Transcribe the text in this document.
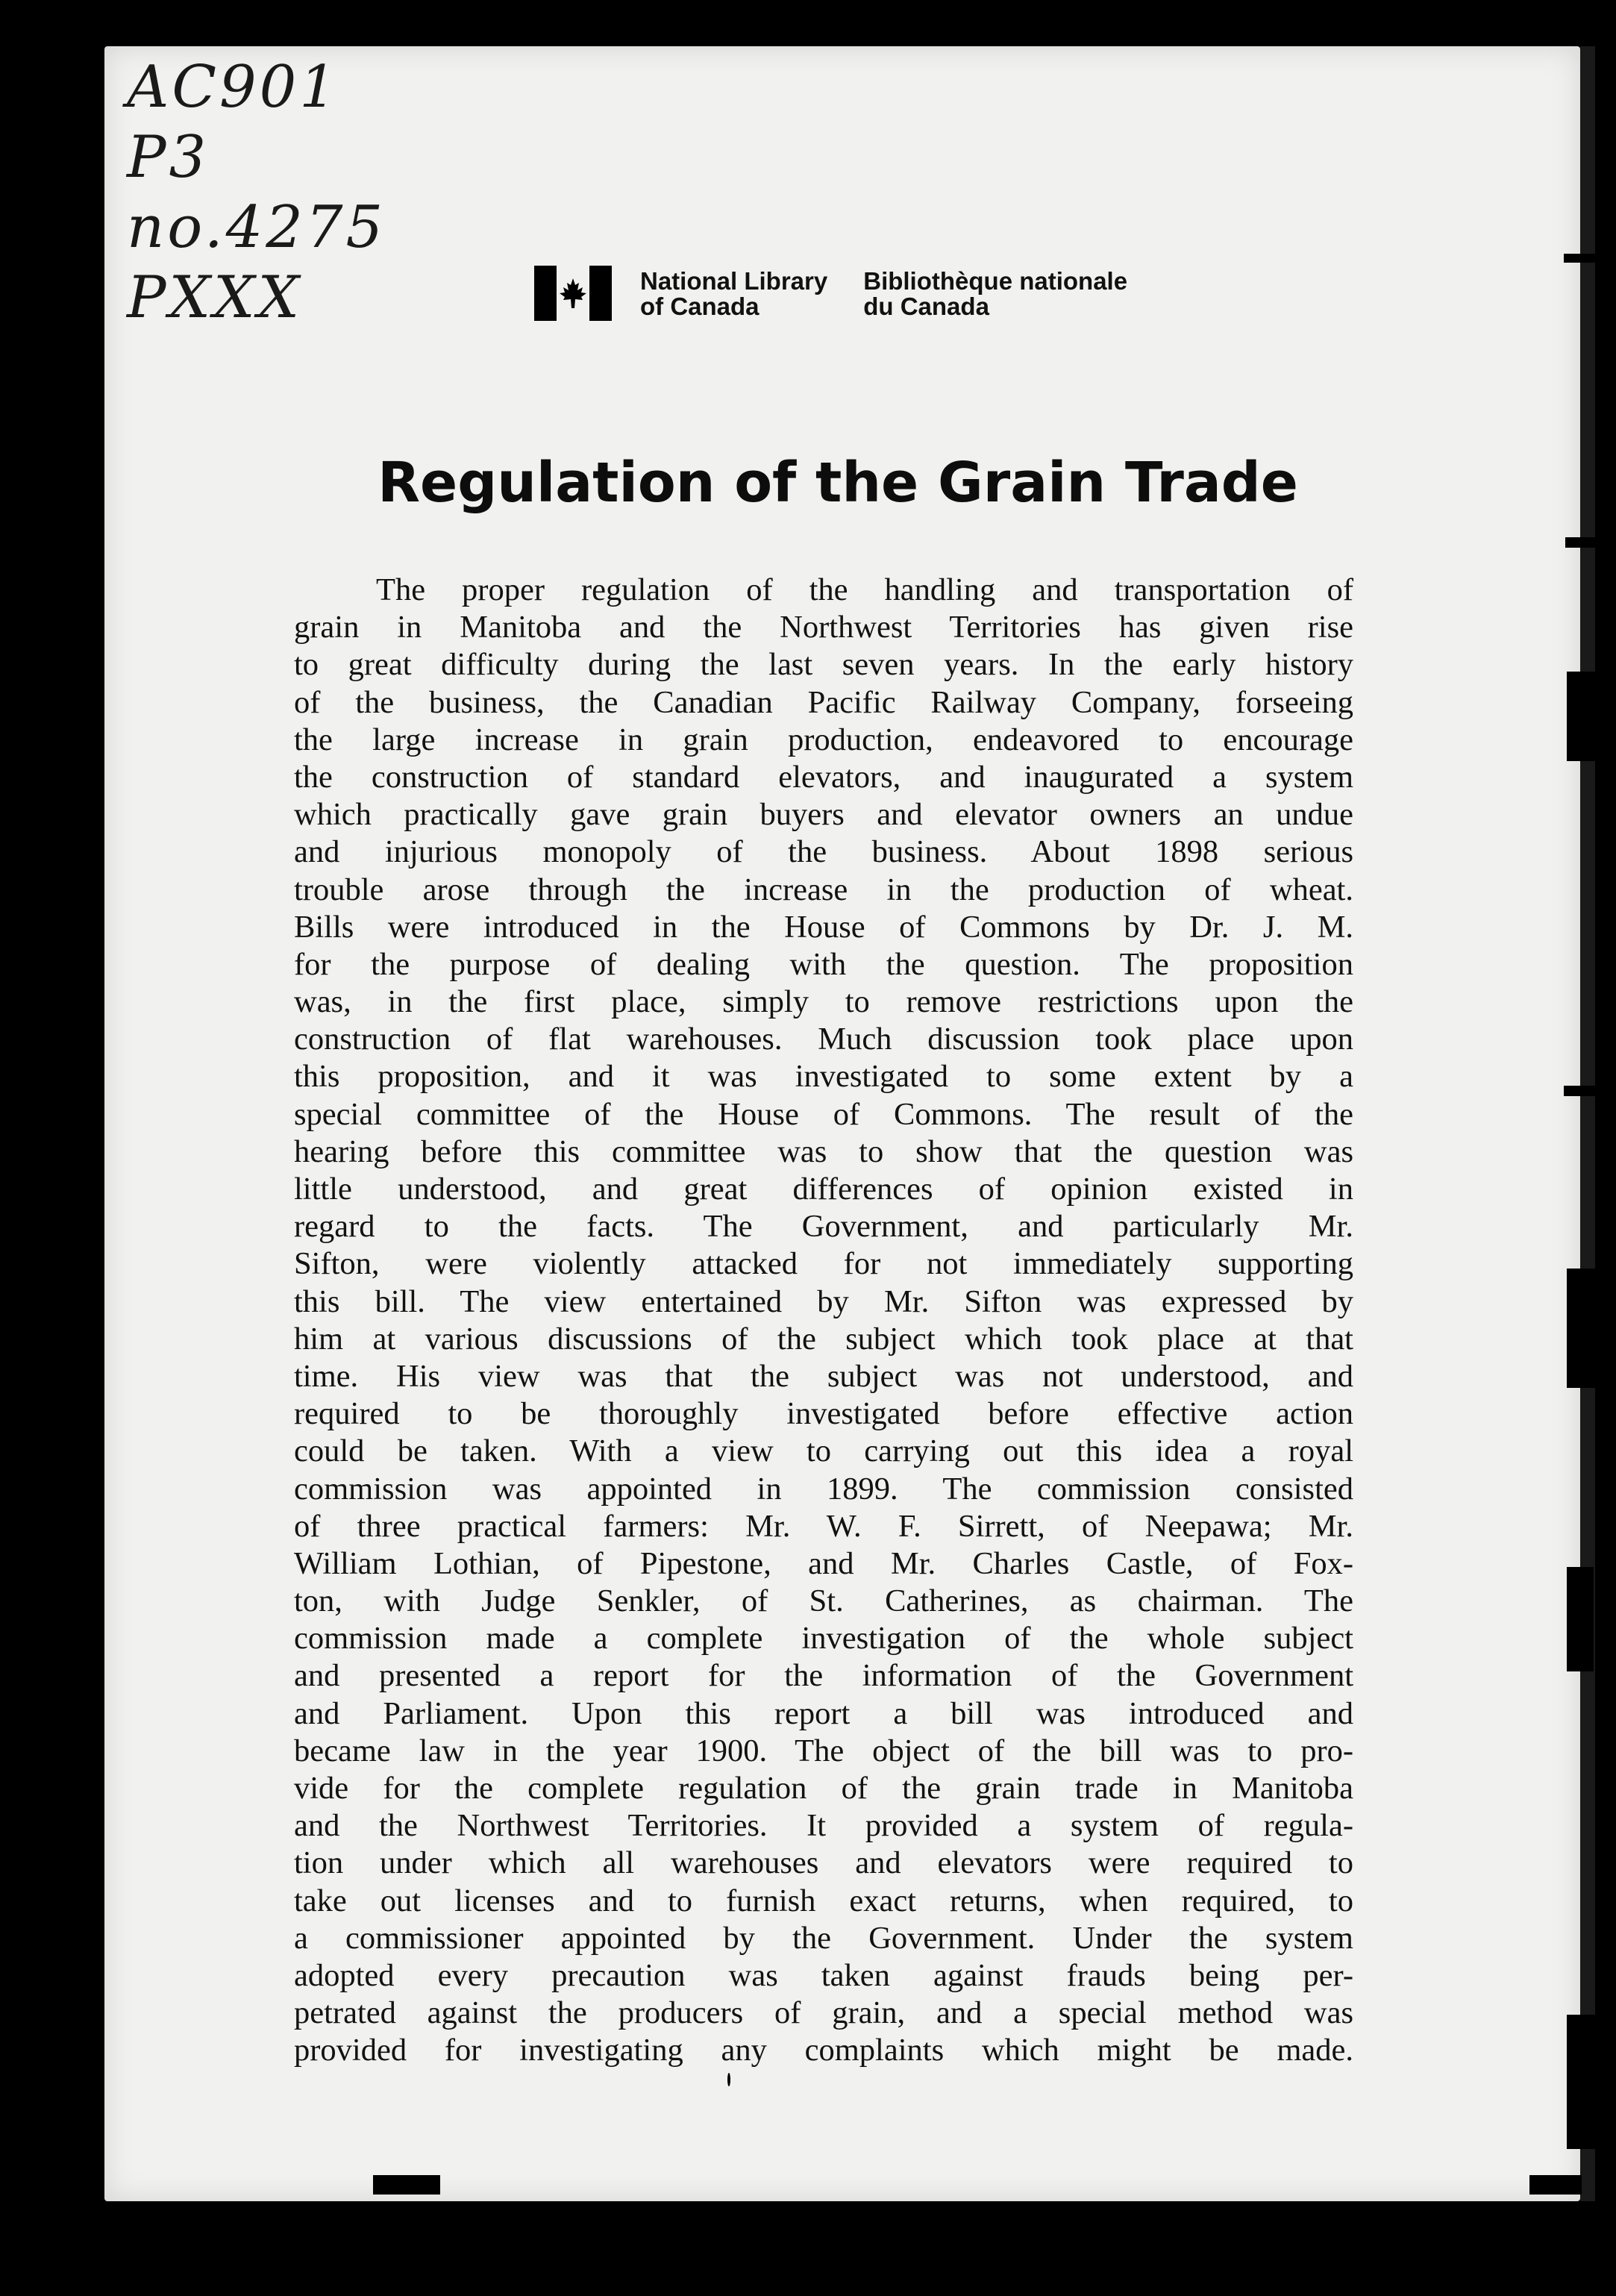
AC901
P3
no.4275
PXXX	National Library
of Canada
Bibliothèque nationale
du Canada
Regulation of the Grain Trade
The proper regulation of the handling and transportation of
grain in Manitoba and the Northwest Territories has given rise
to great difficulty during the last seven years. In the early history
of the business, the Canadian Pacific Railway Company, forseeing
the large increase in grain production, endeavored to encourage
the construction of standard elevators, and inaugurated a system
which practically gave grain buyers and elevator owners an undue
and injurious monopoly of the business. About 1898 serious
trouble arose through the increase in the production of wheat.
Bills were introduced in the House of Commons by Dr. J. M.
for the purpose of dealing with the question. The proposition
was, in the first place, simply to remove restrictions upon the
construction of flat warehouses. Much discussion took place upon
this proposition, and it was investigated to some extent by a
special committee of the House of Commons. The result of the
hearing before this committee was to show that the question was
little understood, and great differences of opinion existed in
regard to the facts. The Government, and particularly Mr.
Sifton, were violently attacked for not immediately supporting
this bill. The view entertained by Mr. Sifton was expressed by
him at various discussions of the subject which took place at that
time. His view was that the subject was not understood, and
required to be thoroughly investigated before effective action
could be taken. With a view to carrying out this idea a royal
commission was appointed in 1899. The commission consisted
of three practical farmers: Mr. W. F. Sirrett, of Neepawa; Mr.
William Lothian, of Pipestone, and Mr. Charles Castle, of Fox-
ton, with Judge Senkler, of St. Catherines, as chairman. The
commission made a complete investigation of the whole subject
and presented a report for the information of the Government
and Parliament. Upon this report a bill was introduced and
became law in the year 1900. The object of the bill was to pro-
vide for the complete regulation of the grain trade in Manitoba
and the Northwest Territories. It provided a system of regula-
tion under which all warehouses and elevators were required to
take out licenses and to furnish exact returns, when required, to
a commissioner appointed by the Government. Under the system
adopted every precaution was taken against frauds being per-
petrated against the producers of grain, and a special method was
provided for investigating any complaints which might be made.
